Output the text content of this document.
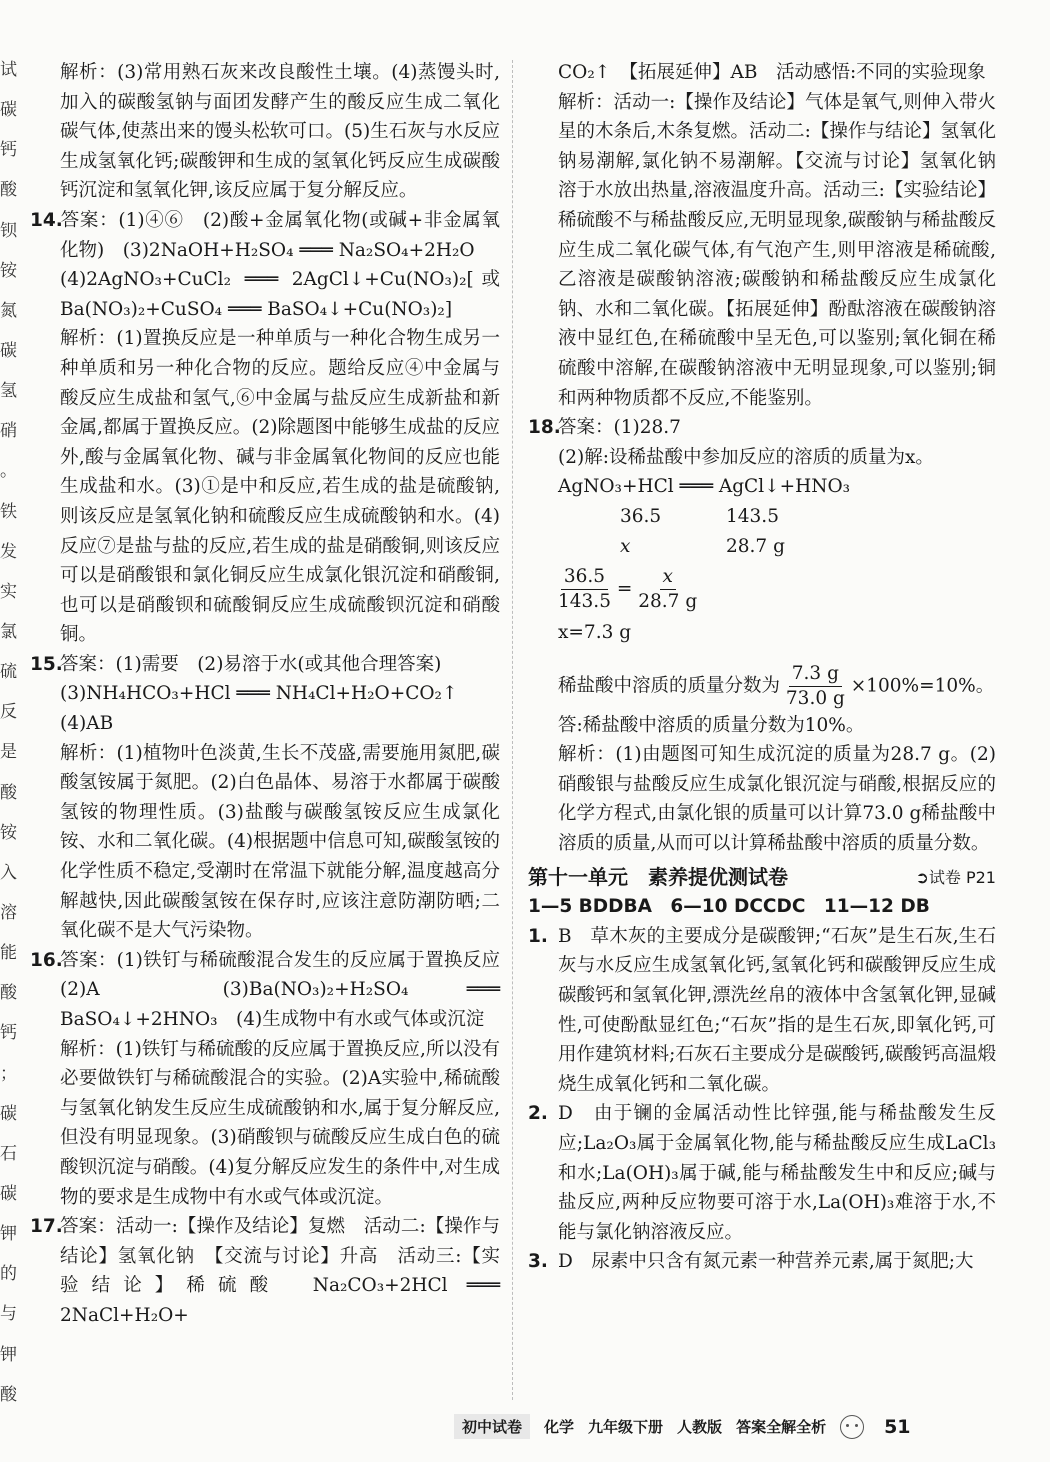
试
碳
钙
酸
钡
铵
氮
碳
氢
硝
。
铁
发
实
氯
硫
反
是
酸
铵
入
溶
能
酸
钙
；
碳
石
碳
钾
的
与
钾
酸

解析：(3)常用熟石灰来改良酸性土壤。(4)蒸馒头时,加入的碳酸氢钠与面团发酵产生的酸反应生成二氧化碳气体,使蒸出来的馒头松软可口。(5)生石灰与水反应生成氢氧化钙;碳酸钾和生成的氢氧化钙反应生成碳酸钙沉淀和氢氧化钾,该反应属于复分解反应。

14.答案：(1)④⑥　(2)酸+金属氧化物(或碱+非金属氧化物)　(3)2NaOH+H₂SO₄ ═══ Na₂SO₄+2H₂O

(4)2AgNO₃+CuCl₂ ═══ 2AgCl↓+Cu(NO₃)₂[或Ba(NO₃)₂+CuSO₄ ═══ BaSO₄↓+Cu(NO₃)₂]

解析：(1)置换反应是一种单质与一种化合物生成另一种单质和另一种化合物的反应。题给反应④中金属与酸反应生成盐和氢气,⑥中金属与盐反应生成新盐和新金属,都属于置换反应。(2)除题图中能够生成盐的反应外,酸与金属氧化物、碱与非金属氧化物间的反应也能生成盐和水。(3)①是中和反应,若生成的盐是硫酸钠,则该反应是氢氧化钠和硫酸反应生成硫酸钠和水。(4)反应⑦是盐与盐的反应,若生成的盐是硝酸铜,则该反应可以是硝酸银和氯化铜反应生成氯化银沉淀和硝酸铜,也可以是硝酸钡和硫酸铜反应生成硫酸钡沉淀和硝酸铜。

15.答案：(1)需要　(2)易溶于水(或其他合理答案)

(3)NH₄HCO₃+HCl ═══ NH₄Cl+H₂O+CO₂↑

(4)AB

解析：(1)植物叶色淡黄,生长不茂盛,需要施用氮肥,碳酸氢铵属于氮肥。(2)白色晶体、易溶于水都属于碳酸氢铵的物理性质。(3)盐酸与碳酸氢铵反应生成氯化铵、水和二氧化碳。(4)根据题中信息可知,碳酸氢铵的化学性质不稳定,受潮时在常温下就能分解,温度越高分解越快,因此碳酸氢铵在保存时,应该注意防潮防晒;二氧化碳不是大气污染物。

16.答案：(1)铁钉与稀硫酸混合发生的反应属于置换反应　(2)A　(3)Ba(NO₃)₂+H₂SO₄ ═══ BaSO₄↓+2HNO₃　(4)生成物中有水或气体或沉淀

解析：(1)铁钉与稀硫酸的反应属于置换反应,所以没有必要做铁钉与稀硫酸混合的实验。(2)A实验中,稀硫酸与氢氧化钠发生反应生成硫酸钠和水,属于复分解反应,但没有明显现象。(3)硝酸钡与硫酸反应生成白色的硫酸钡沉淀与硝酸。(4)复分解反应发生的条件中,对生成物的要求是生成物中有水或气体或沉淀。

17.答案：活动一:【操作及结论】复燃　活动二:【操作与结论】氢氧化钠　【交流与讨论】升高　活动三:【实验结论】稀硫酸　Na₂CO₃+2HCl ═══ 2NaCl+H₂O+

CO₂↑　【拓展延伸】AB　活动感悟:不同的实验现象

解析：活动一:【操作及结论】气体是氧气,则伸入带火星的木条后,木条复燃。活动二:【操作与结论】氢氧化钠易潮解,氯化钠不易潮解。【交流与讨论】氢氧化钠溶于水放出热量,溶液温度升高。活动三:【实验结论】稀硫酸不与稀盐酸反应,无明显现象,碳酸钠与稀盐酸反应生成二氧化碳气体,有气泡产生,则甲溶液是稀硫酸,乙溶液是碳酸钠溶液;碳酸钠和稀盐酸反应生成氯化钠、水和二氧化碳。【拓展延伸】酚酞溶液在碳酸钠溶液中显红色,在稀硫酸中呈无色,可以鉴别;氧化铜在稀硫酸中溶解,在碳酸钠溶液中无明显现象,可以鉴别;铜和两种物质都不反应,不能鉴别。

18.答案：(1)28.7

(2)解:设稀盐酸中参加反应的溶质的质量为x。

AgNO₃+HCl ═══ AgCl↓+HNO₃
36.5	143.5
x	28.7 g
$\frac{36.5}{143.5} = \frac{x}{28.7 g}$
x=7.3 g
稀盐酸中溶质的质量分数为 $\frac{7.3 g}{73.0 g} \times 100\%=10\%$。
答:稀盐酸中溶质的质量分数为10%。

解析：(1)由题图可知生成沉淀的质量为28.7 g。(2)硝酸银与盐酸反应生成氯化银沉淀与硝酸,根据反应的化学方程式,由氯化银的质量可以计算73.0 g稀盐酸中溶质的质量,从而可以计算稀盐酸中溶质的质量分数。

第十一单元　素养提优测试卷	➲试卷 P21
1—5 BDDBA　6—10 DCCDC　11—12 DB

1. B　草木灰的主要成分是碳酸钾;“石灰”是生石灰,生石灰与水反应生成氢氧化钙,氢氧化钙和碳酸钾反应生成碳酸钙和氢氧化钾,漂洗丝帛的液体中含氢氧化钾,显碱性,可使酚酞显红色;“石灰”指的是生石灰,即氧化钙,可用作建筑材料;石灰石主要成分是碳酸钙,碳酸钙高温煅烧生成氧化钙和二氧化碳。

2. D　由于镧的金属活动性比锌强,能与稀盐酸发生反应;La₂O₃属于金属氧化物,能与稀盐酸反应生成LaCl₃和水;La(OH)₃属于碱,能与稀盐酸发生中和反应;碱与盐反应,两种反应物要可溶于水,La(OH)₃难溶于水,不能与氯化钠溶液反应。

3. D　尿素中只含有氮元素一种营养元素,属于氮肥;大

初中试卷	化学 九年级下册 人教版 答案全解全析	51
